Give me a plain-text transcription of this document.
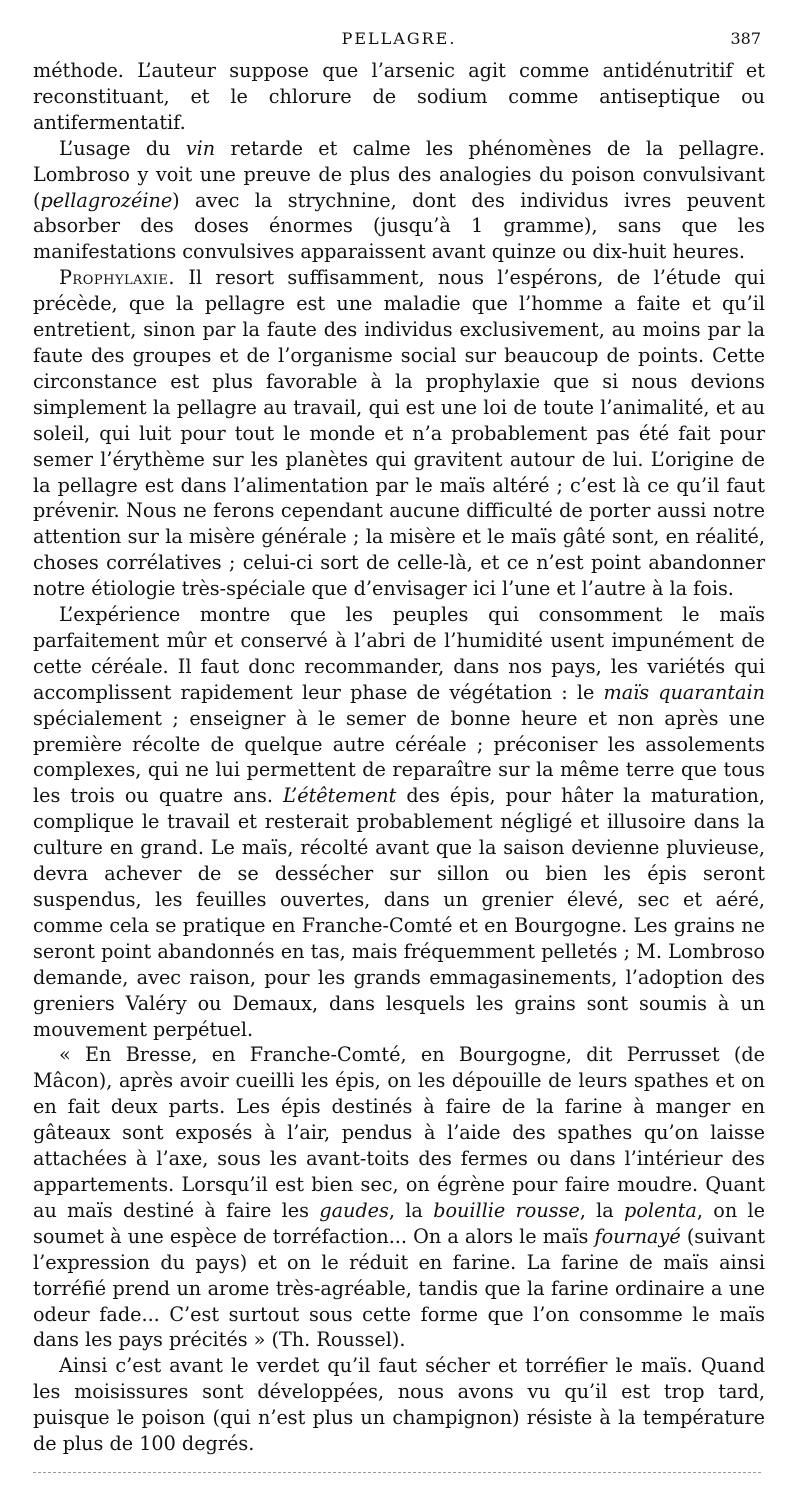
PELLAGRE.	387

méthode. L’auteur suppose que l’arsenic agit comme antidénutritif et reconstituant, et le chlorure de sodium comme antiseptique ou antifermentatif.

L’usage du vin retarde et calme les phénomènes de la pellagre. Lombroso y voit une preuve de plus des analogies du poison convulsivant (pellagrozéine) avec la strychnine, dont des individus ivres peuvent absorber des doses énormes (jusqu’à 1 gramme), sans que les manifestations convulsives apparaissent avant quinze ou dix-huit heures.

Prophylaxie. Il resort suffisamment, nous l’espérons, de l’étude qui précède, que la pellagre est une maladie que l’homme a faite et qu’il entretient, sinon par la faute des individus exclusivement, au moins par la faute des groupes et de l’organisme social sur beaucoup de points. Cette circonstance est plus favorable à la prophylaxie que si nous devions simplement la pellagre au travail, qui est une loi de toute l’animalité, et au soleil, qui luit pour tout le monde et n’a probablement pas été fait pour semer l’érythème sur les planètes qui gravitent autour de lui. L’origine de la pellagre est dans l’alimentation par le maïs altéré ; c’est là ce qu’il faut prévenir. Nous ne ferons cependant aucune difficulté de porter aussi notre attention sur la misère générale ; la misère et le maïs gâté sont, en réalité, choses corrélatives ; celui-ci sort de celle-là, et ce n’est point abandonner notre étiologie très-spéciale que d’envisager ici l’une et l’autre à la fois.

L’expérience montre que les peuples qui consomment le maïs parfaitement mûr et conservé à l’abri de l’humidité usent impunément de cette céréale. Il faut donc recommander, dans nos pays, les variétés qui accomplissent rapidement leur phase de végétation : le maïs quarantain spécialement ; enseigner à le semer de bonne heure et non après une première récolte de quelque autre céréale ; préconiser les assolements complexes, qui ne lui permettent de reparaître sur la même terre que tous les trois ou quatre ans. L’étêtement des épis, pour hâter la maturation, complique le travail et resterait probablement négligé et illusoire dans la culture en grand. Le maïs, récolté avant que la saison devienne pluvieuse, devra achever de se dessécher sur sillon ou bien les épis seront suspendus, les feuilles ouvertes, dans un grenier élevé, sec et aéré, comme cela se pratique en Franche-Comté et en Bourgogne. Les grains ne seront point abandonnés en tas, mais fréquemment pelletés ; M. Lombroso demande, avec raison, pour les grands emmagasinements, l’adoption des greniers Valéry ou Demaux, dans lesquels les grains sont soumis à un mouvement perpétuel.

« En Bresse, en Franche-Comté, en Bourgogne, dit Perrusset (de Mâcon), après avoir cueilli les épis, on les dépouille de leurs spathes et on en fait deux parts. Les épis destinés à faire de la farine à manger en gâteaux sont exposés à l’air, pendus à l’aide des spathes qu’on laisse attachées à l’axe, sous les avant-toits des fermes ou dans l’intérieur des appartements. Lorsqu’il est bien sec, on égrène pour faire moudre. Quant au maïs destiné à faire les gaudes, la bouillie rousse, la polenta, on le soumet à une espèce de torréfaction... On a alors le maïs fournayé (suivant l’expression du pays) et on le réduit en farine. La farine de maïs ainsi torréfié prend un arome très-agréable, tandis que la farine ordinaire a une odeur fade... C’est surtout sous cette forme que l’on consomme le maïs dans les pays précités » (Th. Roussel).

Ainsi c’est avant le verdet qu’il faut sécher et torréfier le maïs. Quand les moisissures sont développées, nous avons vu qu’il est trop tard, puisque le poison (qui n’est plus un champignon) résiste à la température de plus de 100 degrés.
